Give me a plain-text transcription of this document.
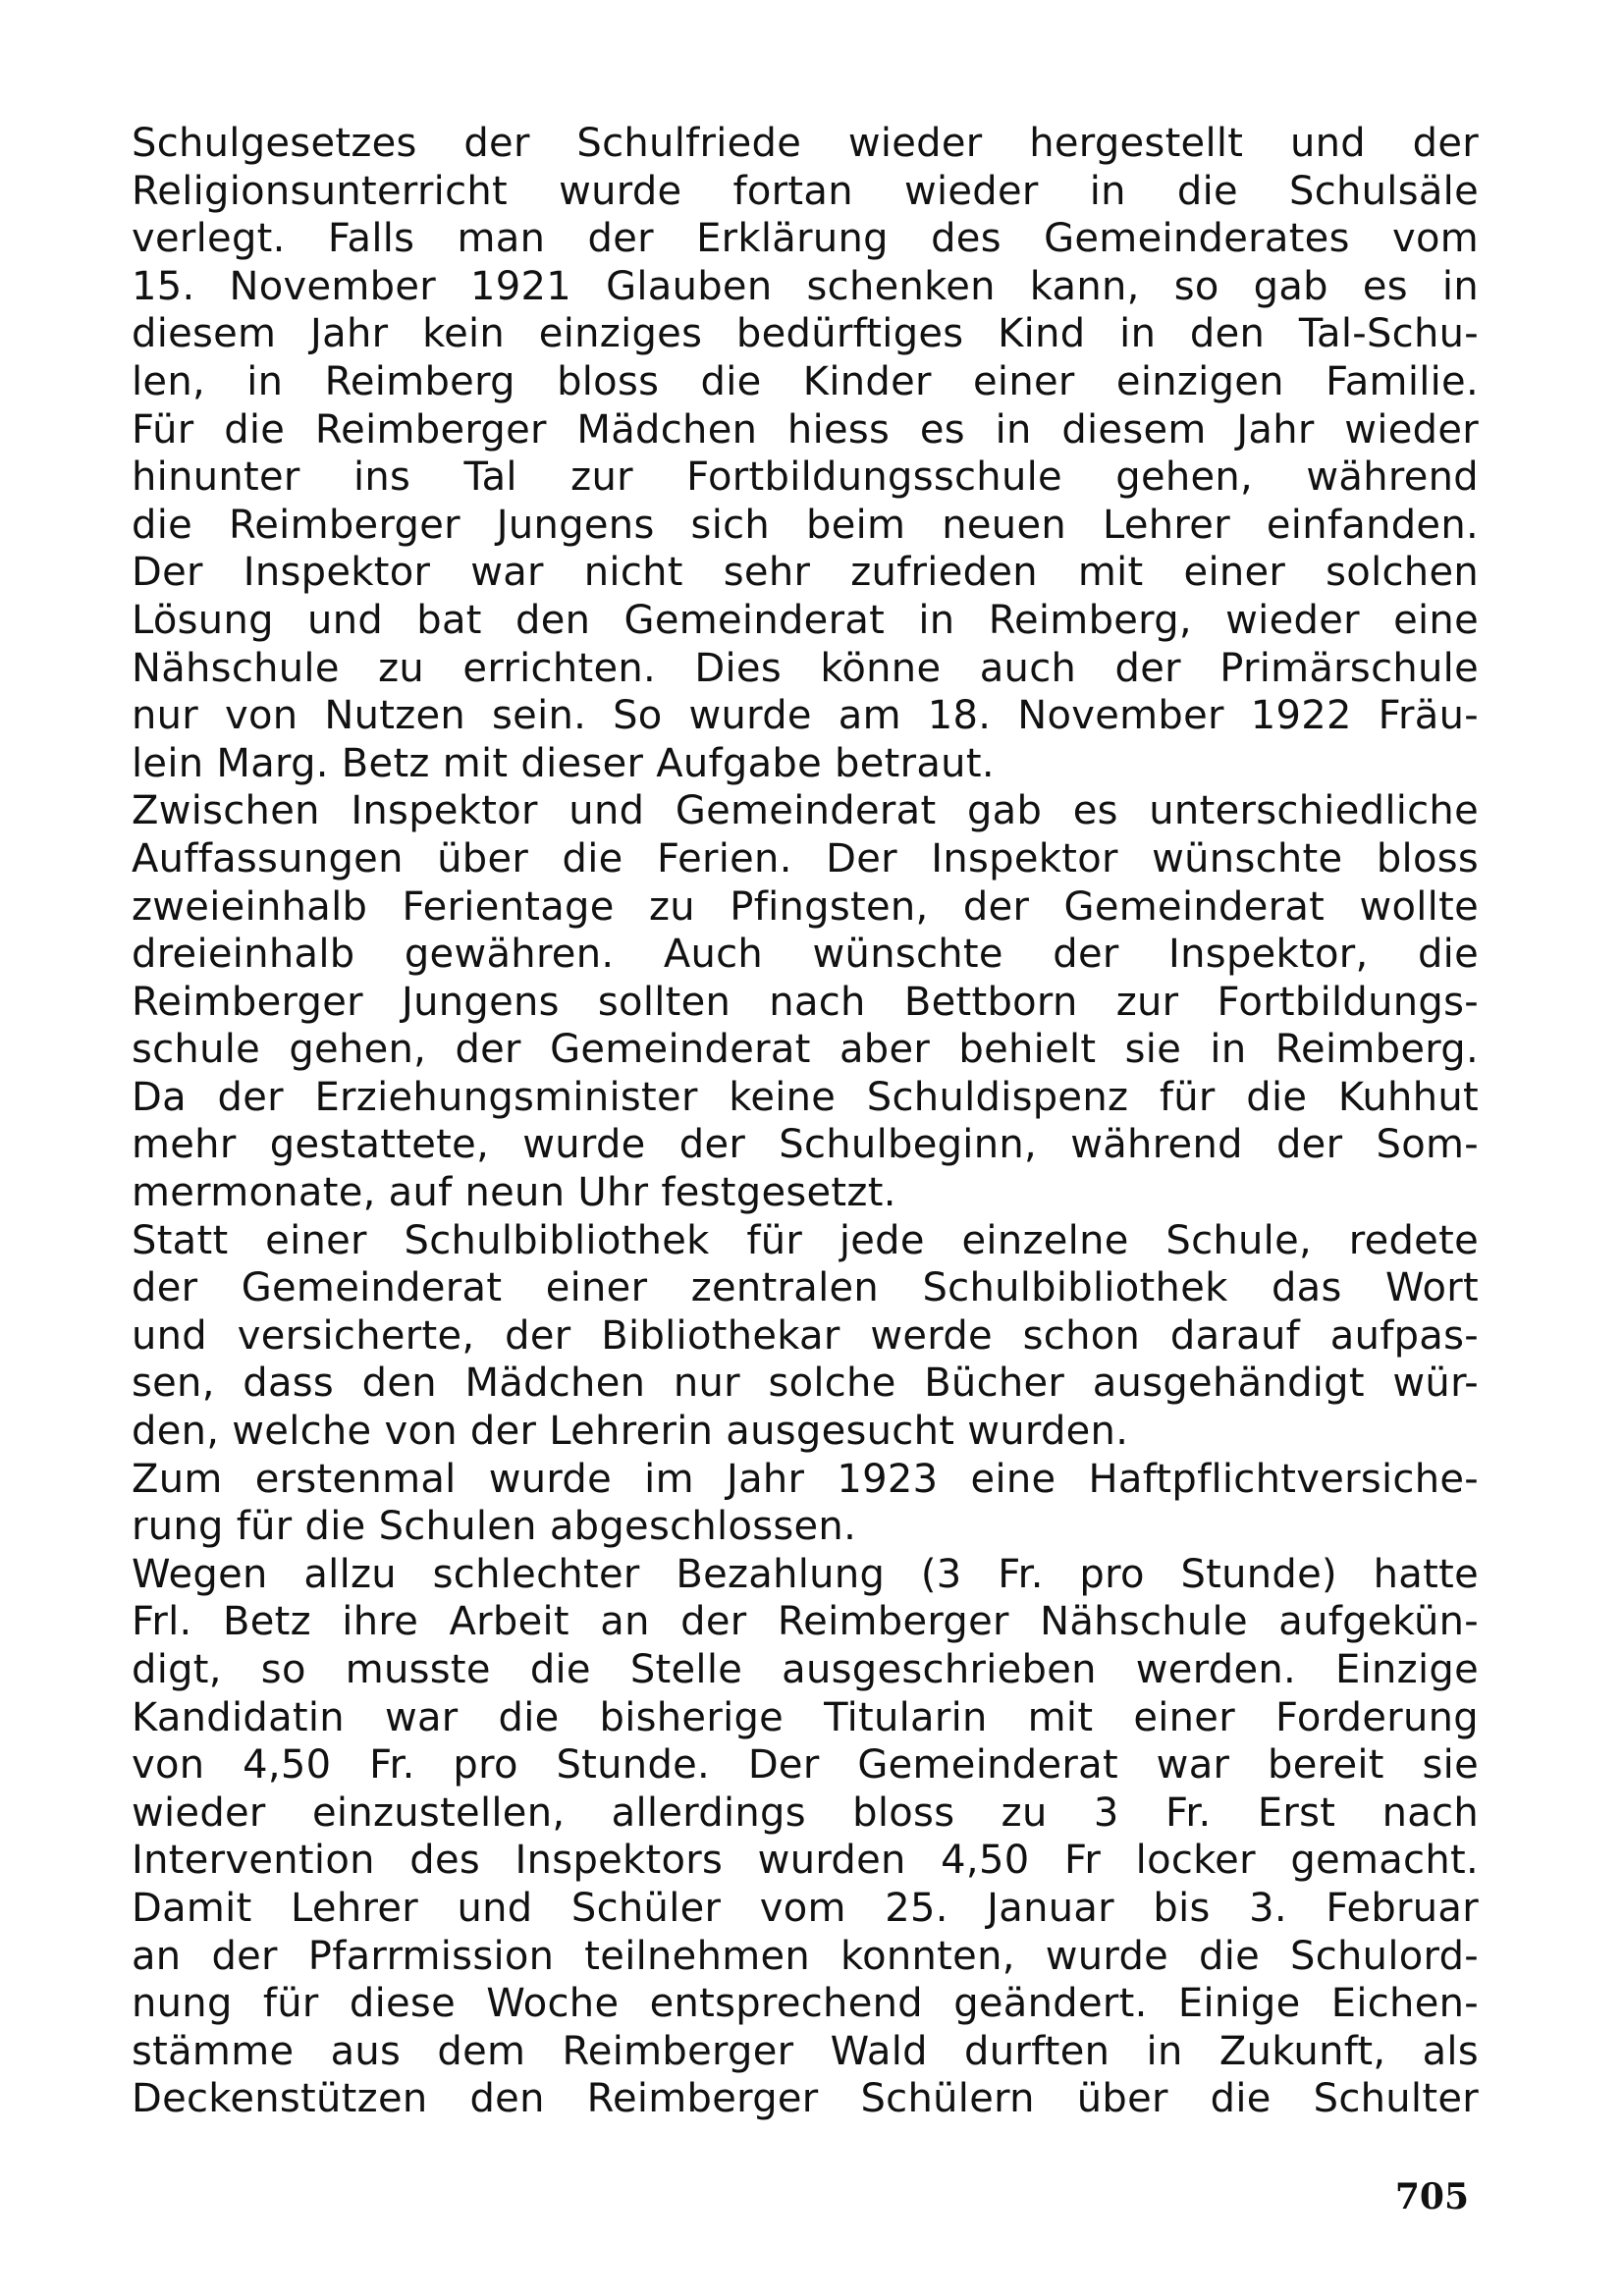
Schulgesetzes der Schulfriede wieder hergestellt und der
Religionsunterricht wurde fortan wieder in die Schulsäle
verlegt. Falls man der Erklärung des Gemeinderates vom
15. November 1921 Glauben schenken kann, so gab es in
diesem Jahr kein einziges bedürftiges Kind in den Tal-Schu-
len, in Reimberg bloss die Kinder einer einzigen Familie.
Für die Reimberger Mädchen hiess es in diesem Jahr wieder
hinunter ins Tal zur Fortbildungsschule gehen, während
die Reimberger Jungens sich beim neuen Lehrer einfanden.
Der Inspektor war nicht sehr zufrieden mit einer solchen
Lösung und bat den Gemeinderat in Reimberg, wieder eine
Nähschule zu errichten. Dies könne auch der Primärschule
nur von Nutzen sein. So wurde am 18. November 1922 Fräu-
lein Marg. Betz mit dieser Aufgabe betraut.
Zwischen Inspektor und Gemeinderat gab es unterschiedliche
Auffassungen über die Ferien. Der Inspektor wünschte bloss
zweieinhalb Ferientage zu Pfingsten, der Gemeinderat wollte
dreieinhalb gewähren. Auch wünschte der Inspektor, die
Reimberger Jungens sollten nach Bettborn zur Fortbildungs-
schule gehen, der Gemeinderat aber behielt sie in Reimberg.
Da der Erziehungsminister keine Schuldispenz für die Kuhhut
mehr gestattete, wurde der Schulbeginn, während der Som-
mermonate, auf neun Uhr festgesetzt.
Statt einer Schulbibliothek für jede einzelne Schule, redete
der Gemeinderat einer zentralen Schulbibliothek das Wort
und versicherte, der Bibliothekar werde schon darauf aufpas-
sen, dass den Mädchen nur solche Bücher ausgehändigt wür-
den, welche von der Lehrerin ausgesucht wurden.
Zum erstenmal wurde im Jahr 1923 eine Haftpflichtversiche-
rung für die Schulen abgeschlossen.
Wegen allzu schlechter Bezahlung (3 Fr. pro Stunde) hatte
Frl. Betz ihre Arbeit an der Reimberger Nähschule aufgekün-
digt, so musste die Stelle ausgeschrieben werden. Einzige
Kandidatin war die bisherige Titularin mit einer Forderung
von 4,50 Fr. pro Stunde. Der Gemeinderat war bereit sie
wieder einzustellen, allerdings bloss zu 3 Fr. Erst nach
Intervention des Inspektors wurden 4,50 Fr locker gemacht.
Damit Lehrer und Schüler vom 25. Januar bis 3. Februar
an der Pfarrmission teilnehmen konnten, wurde die Schulord-
nung für diese Woche entsprechend geändert. Einige Eichen-
stämme aus dem Reimberger Wald durften in Zukunft, als
Deckenstützen den Reimberger Schülern über die Schulter
705
